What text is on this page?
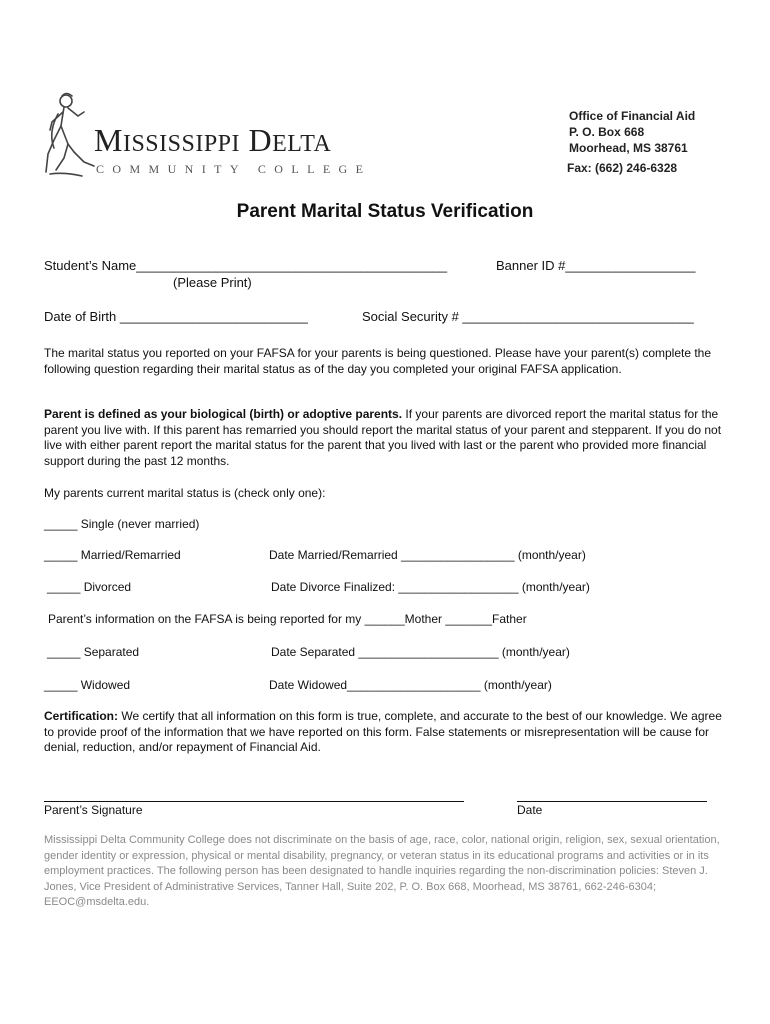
MISSISSIPPI DELTA
COMMUNITY COLLEGE
Office of Financial Aid
P. O. Box 668
Moorhead, MS 38761
Fax: (662) 246-6328
Parent Marital Status Verification
Student’s Name___________________________________________
(Please Print)
Banner ID #__________________
Date of Birth __________________________	Social Security # ________________________________
The marital status you reported on your FAFSA for your parents is being questioned. Please have your parent(s) complete the following question regarding their marital status as of the day you completed your original FAFSA application.
Parent is defined as your biological (birth) or adoptive parents. If your parents are divorced report the marital status for the parent you live with. If this parent has remarried you should report the marital status of your parent and stepparent. If you do not live with either parent report the marital status for the parent that you lived with last or the parent who provided more financial support during the past 12 months.
My parents current marital status is (check only one):
_____ Single (never married)
_____ Married/Remarried	Date Married/Remarried _________________ (month/year)
_____ Divorced	Date Divorce Finalized: __________________ (month/year)
Parent’s information on the FAFSA is being reported for my ______Mother _______Father
_____ Separated	Date Separated _____________________ (month/year)
_____ Widowed	Date Widowed____________________ (month/year)
Certification: We certify that all information on this form is true, complete, and accurate to the best of our knowledge. We agree to provide proof of the information that we have reported on this form. False statements or misrepresentation will be cause for denial, reduction, and/or repayment of Financial Aid.
Parent’s Signature	Date
Mississippi Delta Community College does not discriminate on the basis of age, race, color, national origin, religion, sex, sexual orientation, gender identity or expression, physical or mental disability, pregnancy, or veteran status in its educational programs and activities or in its employment practices. The following person has been designated to handle inquiries regarding the non-discrimination policies: Steven J. Jones, Vice President of Administrative Services, Tanner Hall, Suite 202, P. O. Box 668, Moorhead, MS 38761, 662-246-6304; EEOC@msdelta.edu.
